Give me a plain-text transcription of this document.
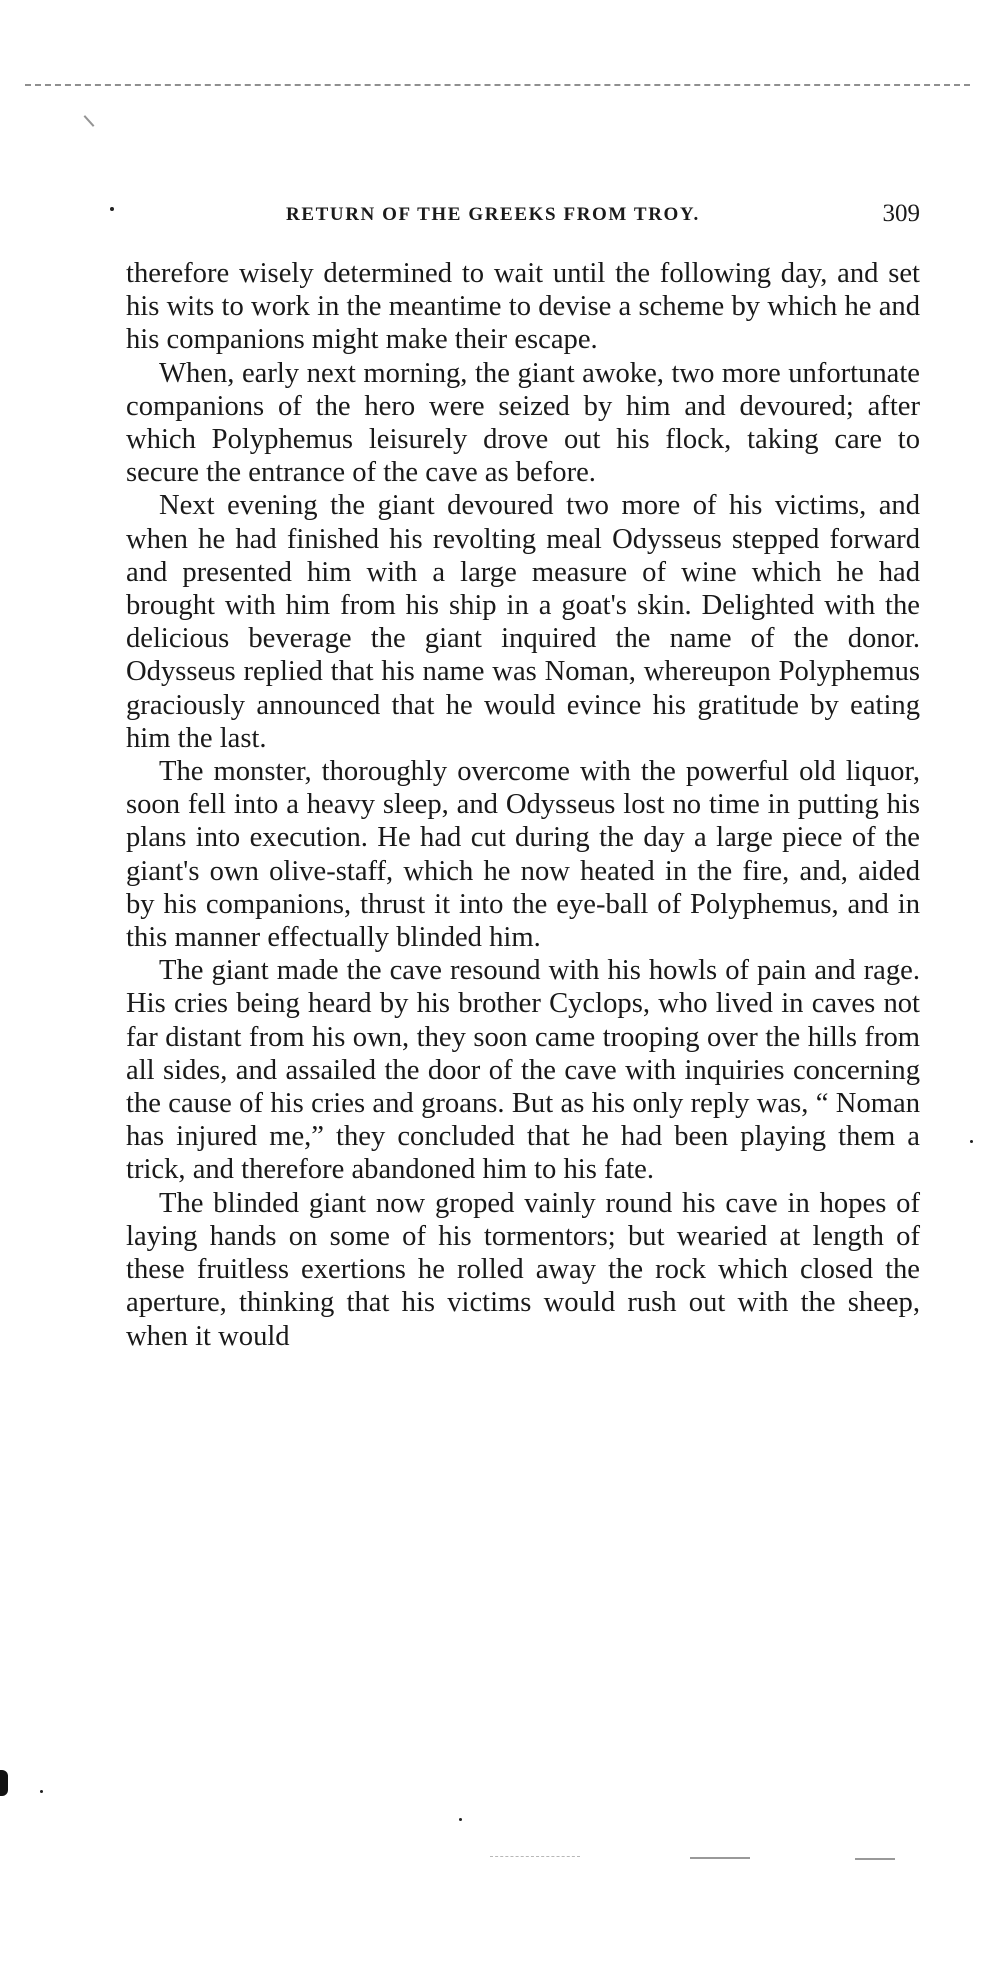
RETURN OF THE GREEKS FROM TROY.	309

therefore wisely determined to wait until the following day, and set his wits to work in the meantime to devise a scheme by which he and his companions might make their escape.

When, early next morning, the giant awoke, two more unfortunate companions of the hero were seized by him and devoured; after which Polyphemus leisurely drove out his flock, taking care to secure the entrance of the cave as before.

Next evening the giant devoured two more of his victims, and when he had finished his revolting meal Odysseus stepped forward and presented him with a large measure of wine which he had brought with him from his ship in a goat's skin. Delighted with the delicious beverage the giant inquired the name of the donor. Odysseus replied that his name was Noman, whereupon Polyphemus graciously announced that he would evince his gratitude by eating him the last.

The monster, thoroughly overcome with the powerful old liquor, soon fell into a heavy sleep, and Odysseus lost no time in putting his plans into execution. He had cut during the day a large piece of the giant's own olive-staff, which he now heated in the fire, and, aided by his companions, thrust it into the eye-ball of Polyphemus, and in this manner effectually blinded him.

The giant made the cave resound with his howls of pain and rage. His cries being heard by his brother Cyclops, who lived in caves not far distant from his own, they soon came trooping over the hills from all sides, and assailed the door of the cave with inquiries concerning the cause of his cries and groans. But as his only reply was, “ Noman has injured me,” they concluded that he had been playing them a trick, and therefore abandoned him to his fate.

The blinded giant now groped vainly round his cave in hopes of laying hands on some of his tormentors; but wearied at length of these fruitless exertions he rolled away the rock which closed the aperture, thinking that his victims would rush out with the sheep, when it would
